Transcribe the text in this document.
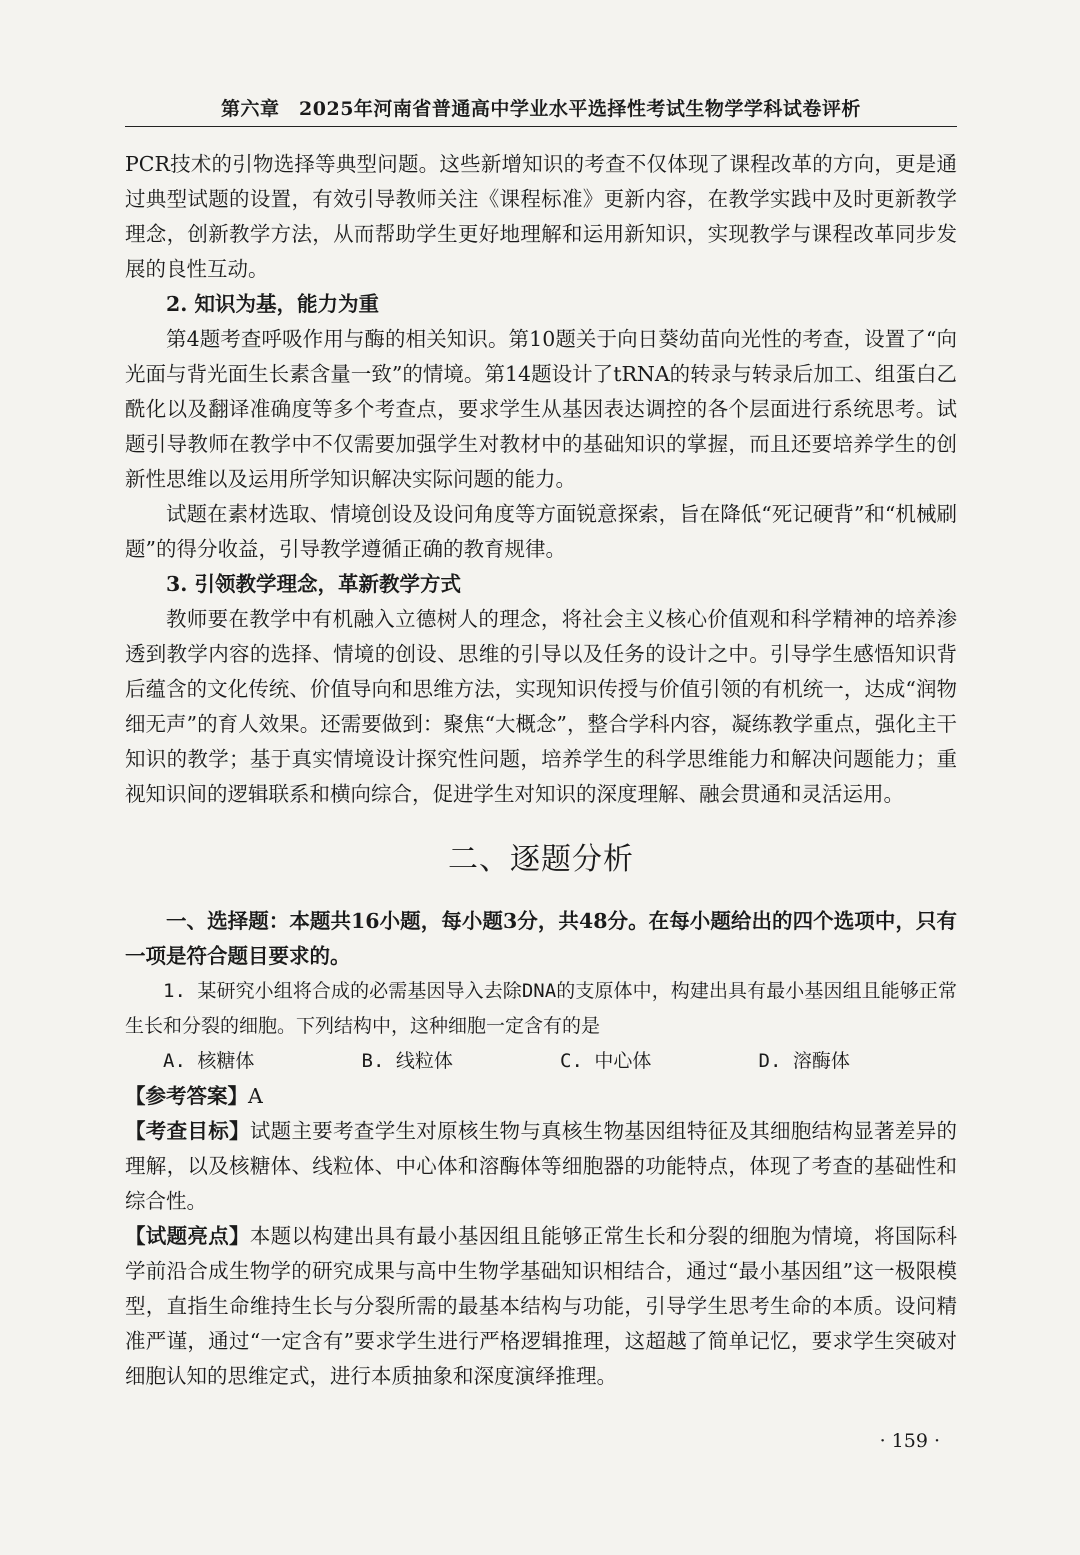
第六章　2025年河南省普通高中学业水平选择性考试生物学学科试卷评析

PCR技术的引物选择等典型问题。这些新增知识的考查不仅体现了课程改革的方向，更是通过典型试题的设置，有效引导教师关注《课程标准》更新内容，在教学实践中及时更新教学理念，创新教学方法，从而帮助学生更好地理解和运用新知识，实现教学与课程改革同步发展的良性互动。

2. 知识为基，能力为重

第4题考查呼吸作用与酶的相关知识。第10题关于向日葵幼苗向光性的考查，设置了“向光面与背光面生长素含量一致”的情境。第14题设计了tRNA的转录与转录后加工、组蛋白乙酰化以及翻译准确度等多个考查点，要求学生从基因表达调控的各个层面进行系统思考。试题引导教师在教学中不仅需要加强学生对教材中的基础知识的掌握，而且还要培养学生的创新性思维以及运用所学知识解决实际问题的能力。

试题在素材选取、情境创设及设问角度等方面锐意探索，旨在降低“死记硬背”和“机械刷题”的得分收益，引导教学遵循正确的教育规律。

3. 引领教学理念，革新教学方式

教师要在教学中有机融入立德树人的理念，将社会主义核心价值观和科学精神的培养渗透到教学内容的选择、情境的创设、思维的引导以及任务的设计之中。引导学生感悟知识背后蕴含的文化传统、价值导向和思维方法，实现知识传授与价值引领的有机统一，达成“润物细无声”的育人效果。还需要做到：聚焦“大概念”，整合学科内容，凝练教学重点，强化主干知识的教学；基于真实情境设计探究性问题，培养学生的科学思维能力和解决问题能力；重视知识间的逻辑联系和横向综合，促进学生对知识的深度理解、融会贯通和灵活运用。

二、逐题分析

一、选择题：本题共16小题，每小题3分，共48分。在每小题给出的四个选项中，只有一项是符合题目要求的。

1. 某研究小组将合成的必需基因导入去除DNA的支原体中，构建出具有最小基因组且能够正常生长和分裂的细胞。下列结构中，这种细胞一定含有的是

A. 核糖体	B. 线粒体	C. 中心体	D. 溶酶体

【参考答案】A

【考查目标】试题主要考查学生对原核生物与真核生物基因组特征及其细胞结构显著差异的理解，以及核糖体、线粒体、中心体和溶酶体等细胞器的功能特点，体现了考查的基础性和综合性。

【试题亮点】本题以构建出具有最小基因组且能够正常生长和分裂的细胞为情境，将国际科学前沿合成生物学的研究成果与高中生物学基础知识相结合，通过“最小基因组”这一极限模型，直指生命维持生长与分裂所需的最基本结构与功能，引导学生思考生命的本质。设问精准严谨，通过“一定含有”要求学生进行严格逻辑推理，这超越了简单记忆，要求学生突破对细胞认知的思维定式，进行本质抽象和深度演绎推理。

· 159 ·
